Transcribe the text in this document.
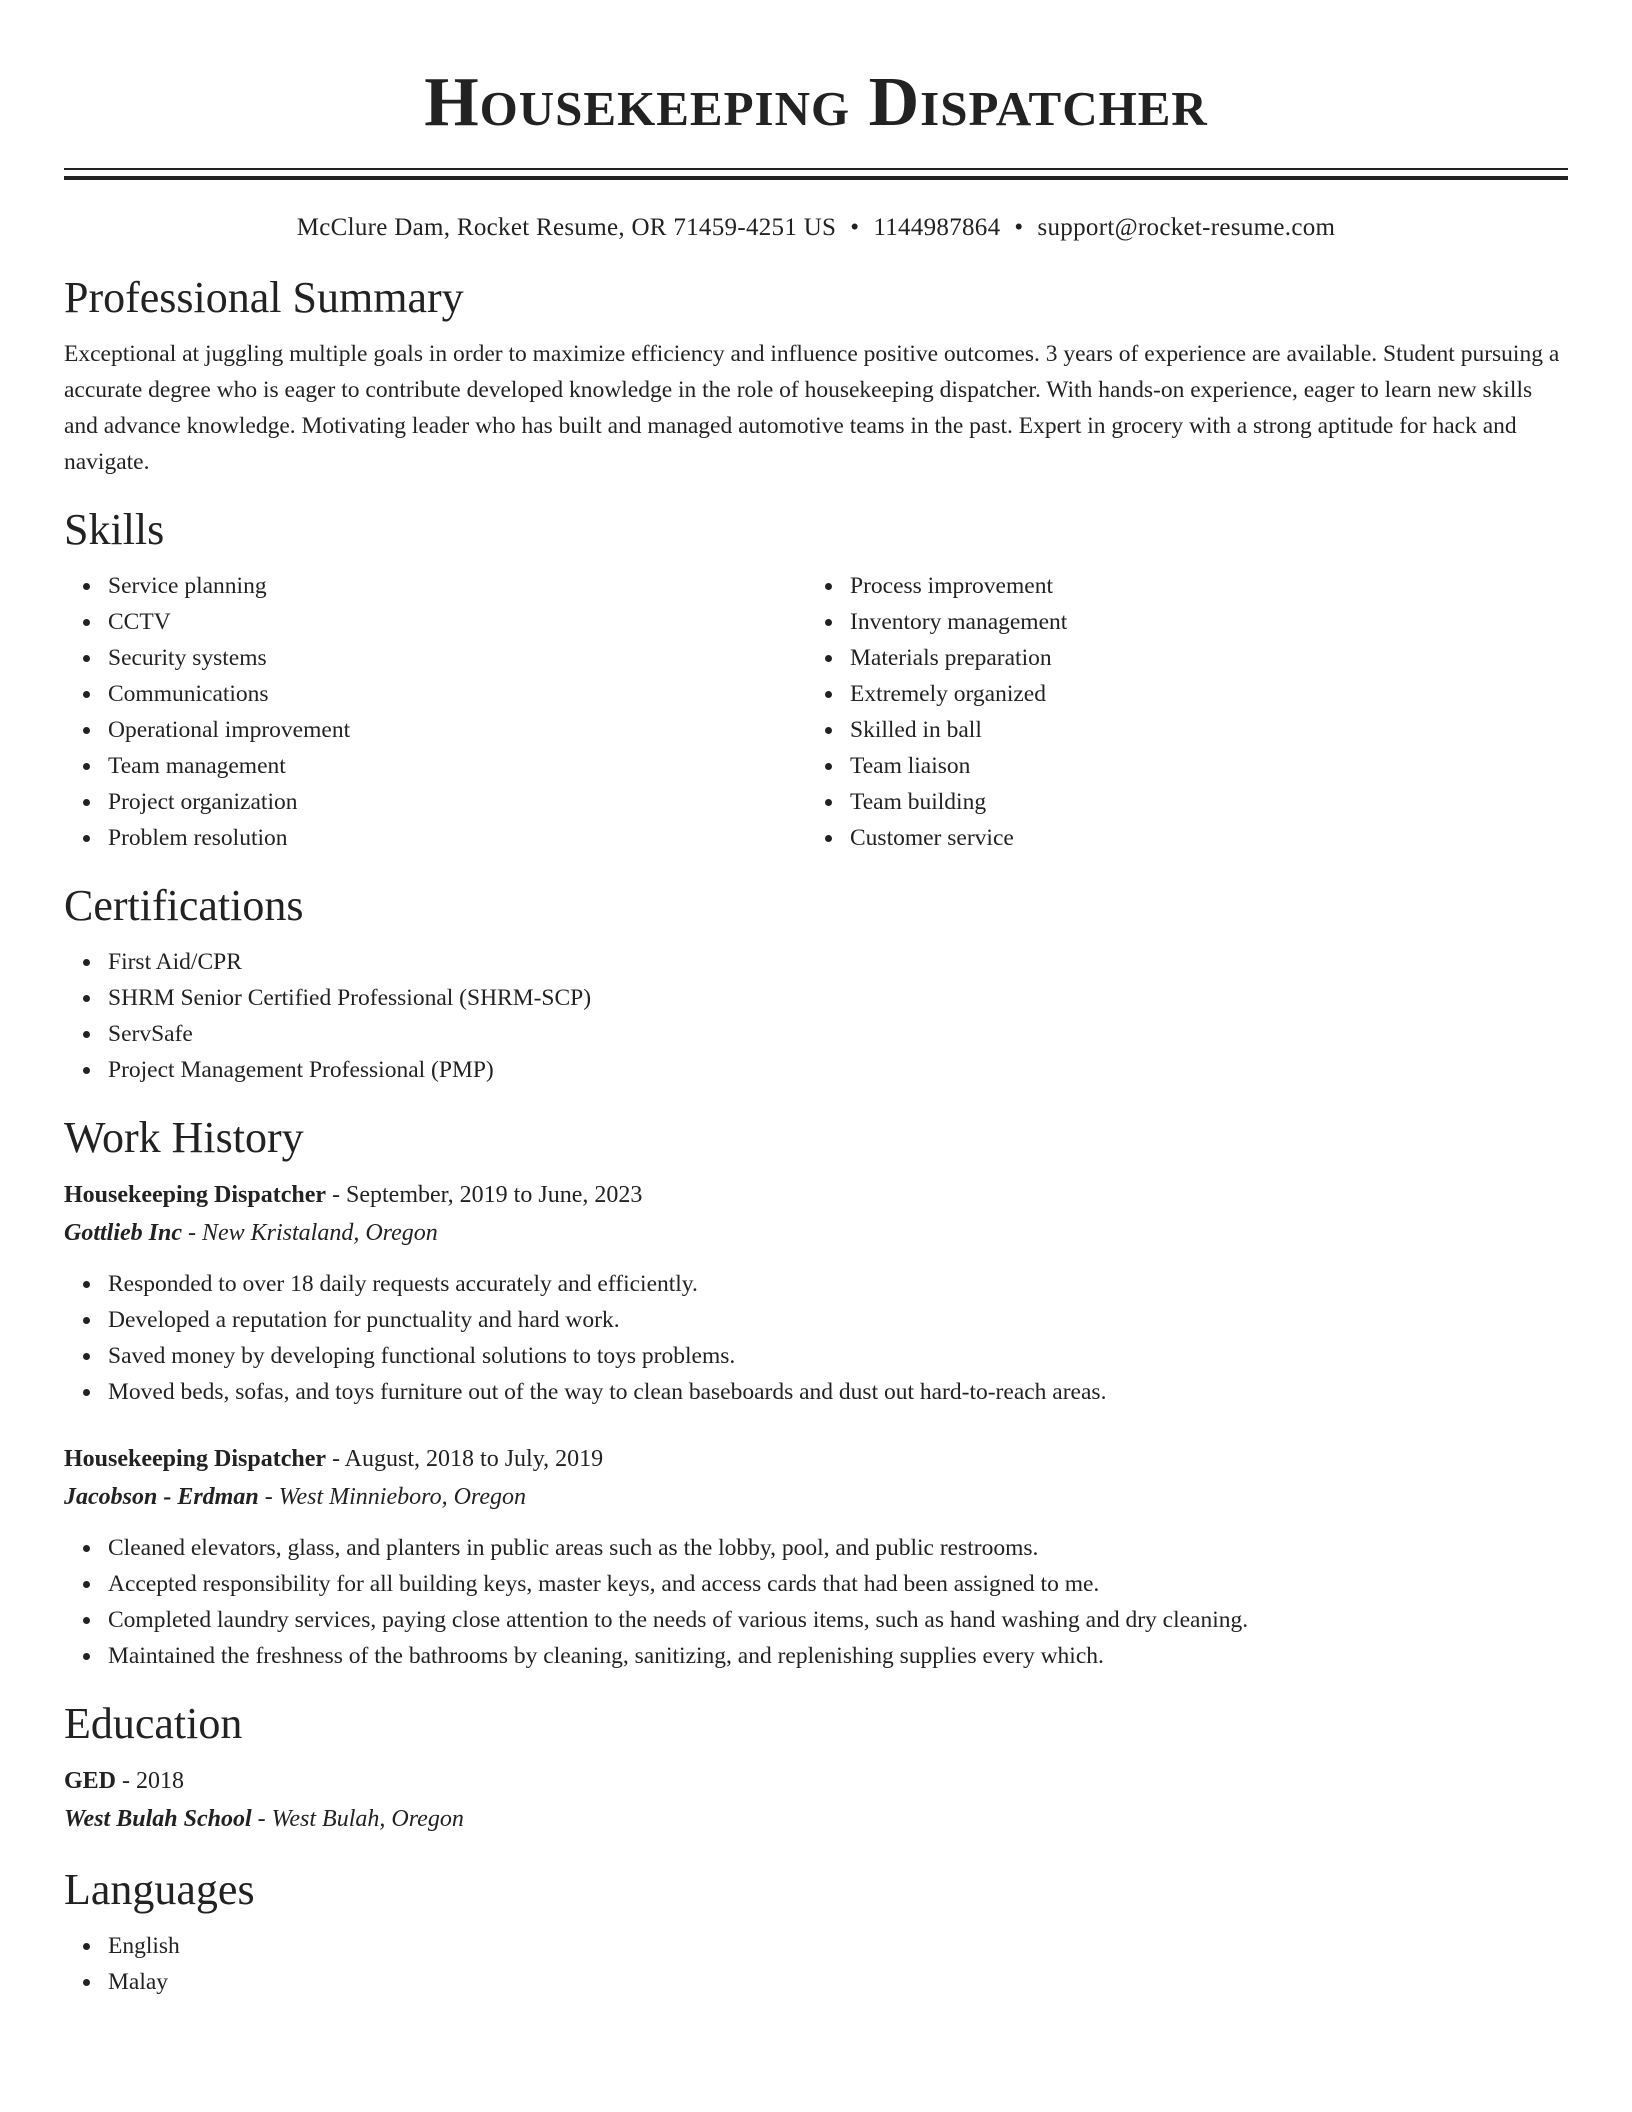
Housekeeping Dispatcher
McClure Dam, Rocket Resume, OR 71459-4251 US • 1144987864 • support@rocket-resume.com
Professional Summary

Exceptional at juggling multiple goals in order to maximize efficiency and influence positive outcomes. 3 years of experience are available. Student pursuing a accurate degree who is eager to contribute developed knowledge in the role of housekeeping dispatcher. With hands-on experience, eager to learn new skills and advance knowledge. Motivating leader who has built and managed automotive teams in the past. Expert in grocery with a strong aptitude for hack and navigate.

Skills
Service planning
CCTV
Security systems
Communications
Operational improvement
Team management
Project organization
Problem resolution
Process improvement
Inventory management
Materials preparation
Extremely organized
Skilled in ball
Team liaison
Team building
Customer service
Certifications
First Aid/CPR
SHRM Senior Certified Professional (SHRM-SCP)
ServSafe
Project Management Professional (PMP)
Work History
Housekeeping Dispatcher - September, 2019 to June, 2023
Gottlieb Inc - New Kristaland, Oregon
Responded to over 18 daily requests accurately and efficiently.
Developed a reputation for punctuality and hard work.
Saved money by developing functional solutions to toys problems.
Moved beds, sofas, and toys furniture out of the way to clean baseboards and dust out hard-to-reach areas.
Housekeeping Dispatcher - August, 2018 to July, 2019
Jacobson - Erdman - West Minnieboro, Oregon
Cleaned elevators, glass, and planters in public areas such as the lobby, pool, and public restrooms.
Accepted responsibility for all building keys, master keys, and access cards that had been assigned to me.
Completed laundry services, paying close attention to the needs of various items, such as hand washing and dry cleaning.
Maintained the freshness of the bathrooms by cleaning, sanitizing, and replenishing supplies every which.
Education
GED - 2018
West Bulah School - West Bulah, Oregon
Languages
English
Malay
